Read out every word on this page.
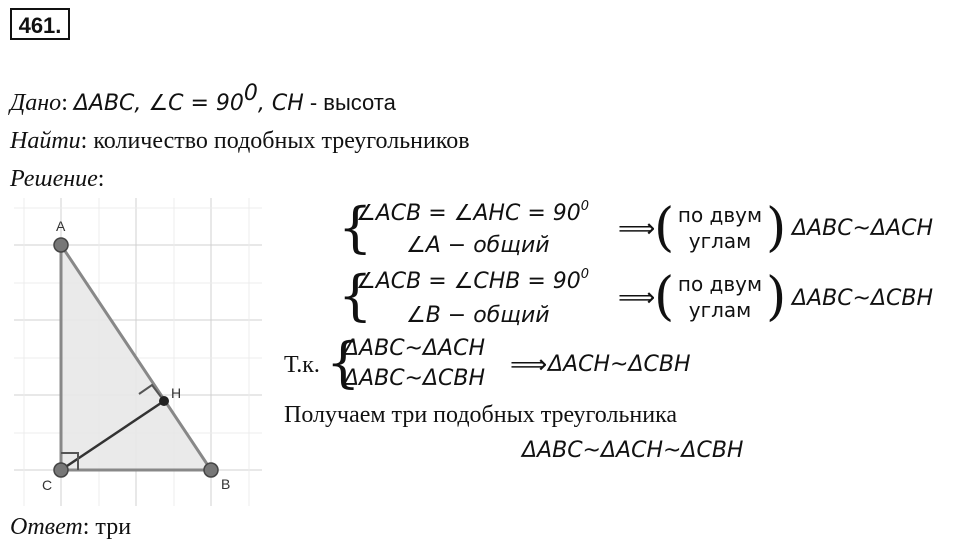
461.
Дано: ΔABC, ∠C = $90^0$, CH - высота
Найти: количество подобных треугольников
Решение:
A
B
C
H
{
∠ACB = ∠AHC = $90^0$
∠A − общий
⟹
( по двум
углам ) ΔABC~ΔACH
{
∠ACB = ∠CHB = $90^0$
∠B − общий
⟹
( по двум
углам ) ΔABC~ΔCBH
Т.к. {
ΔABC~ΔACH
ΔABC~ΔCBH ⟹ ΔACH~ΔCBH
Получаем три подобных треугольника
ΔABC~ΔACH~ΔCBH
Ответ: три
